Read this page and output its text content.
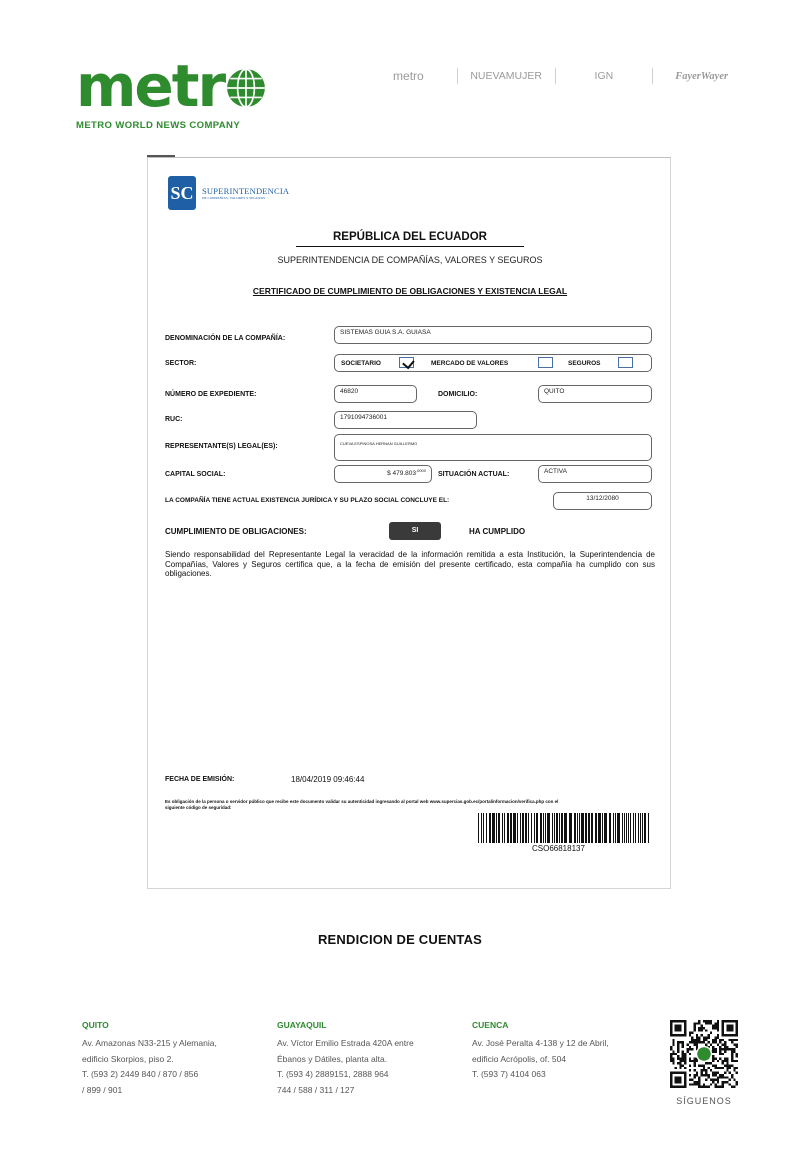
metr
METRO WORLD NEWS COMPANY
metro	NUEVAMUJER	IGN	FayerWayer
SC SUPERINTENDENCIA
DE COMPAÑÍAS, VALORES Y SEGUROS
REPÚBLICA DEL ECUADOR
SUPERINTENDENCIA DE COMPAÑÍAS, VALORES Y SEGUROS
CERTIFICADO DE CUMPLIMIENTO DE OBLIGACIONES Y EXISTENCIA LEGAL
DENOMINACIÓN DE LA COMPAÑÍA:
SISTEMAS GUIA S.A. GUIASA
SECTOR:	SOCIETARIO	MERCADO DE VALORES	SEGUROS
NÚMERO DE EXPEDIENTE:	46820	DOMICILIO:	QUITO
RUC:	1791094736001
REPRESENTANTE(S) LEGAL(ES):	CUEVA ESPINOSA HERNAN GUILLERMO
CAPITAL SOCIAL:	$ $479.803^{,0000}$
SITUACIÓN ACTUAL:	ACTIVA
LA COMPAÑÍA TIENE ACTUAL EXISTENCIA JURÍDICA Y SU PLAZO SOCIAL CONCLUYE EL:	13/12/2080
CUMPLIMIENTO DE OBLIGACIONES:	SI	HA CUMPLIDO
Siendo responsabilidad del Representante Legal la veracidad de la información remitida a esta Institución, la Superintendencia de Compañías, Valores y Seguros certifica que, a la fecha de emisión del presente certificado, esta compañía ha cumplido con sus obligaciones.
FECHA DE EMISIÓN:	18/04/2019 09:46:44
Es obligación de la persona o servidor público que recibe este documento validar su autenticidad ingresando al portal web www.supercias.gob.ec/portalinformacion/verifica.php con el siguiente código de seguridad:
CSO66818137
RENDICION DE CUENTAS
QUITO
Av. Amazonas N33-215 y Alemania,
edificio Skorpios, piso 2.
T. (593 2) 2449 840 / 870 / 856
/ 899 / 901
GUAYAQUIL
Av. Víctor Emilio Estrada 420A entre
Ébanos y Dátiles, planta alta.
T. (593 4) 2889151, 2888 964
744 / 588 / 311 / 127
CUENCA
Av. José Peralta 4-138 y 12 de Abril,
edificio Acrópolis, of. 504
T. (593 7) 4104 063
SÍGUENOS
